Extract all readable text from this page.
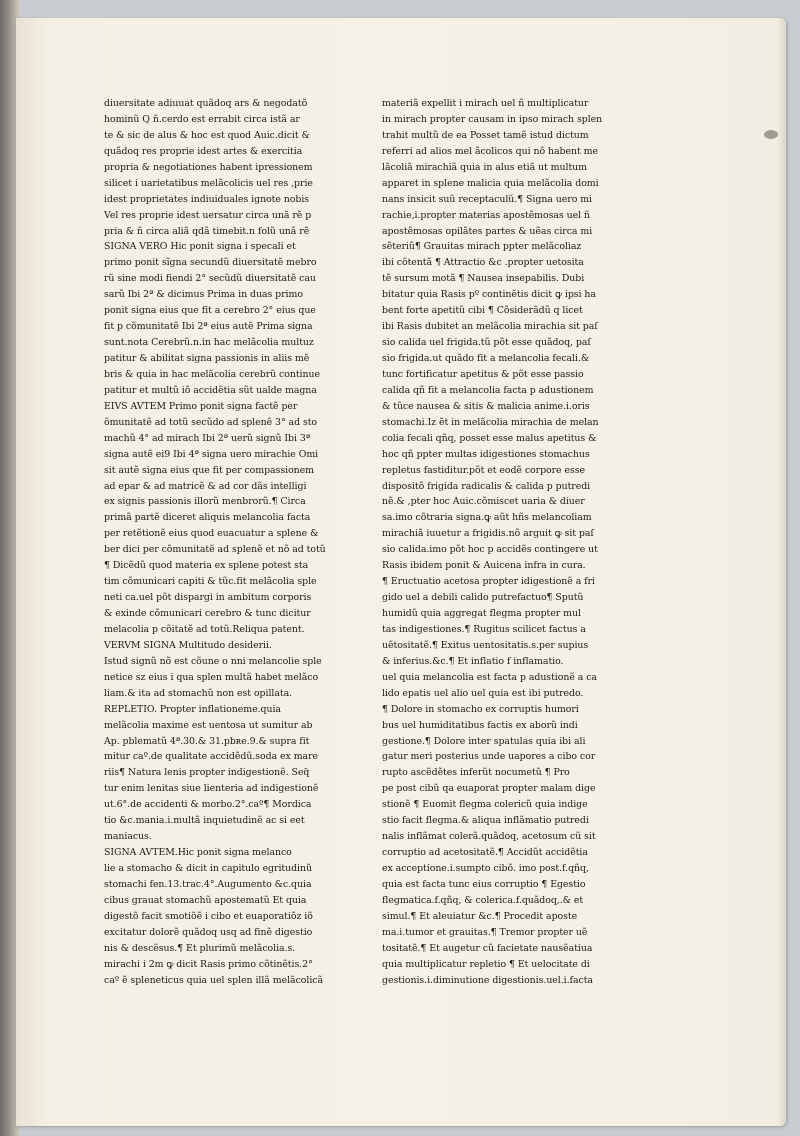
diuersitate adiuuat quãdoq ars & negodatõ
hominũ Q ñ.cerdo est errabit circa istã ar
te & sic de alus & hoc est quod Auic.dicit &
quãdoq res proprie idest artes & exercitia
propria & negotiationes habent ipressionem
silicet i uarietatibus melãcolicis uel res ,prie
idest proprietates indiuiduales ignote nobis
Vel res proprie idest uersatur circa unã rẽ p
pria & ñ circa aliã qdã timebit.n folũ unã rẽ
SIGNA VERO Hic ponit signa i specali et
primo ponit sĩgna secundũ diuersitatẽ mebro
rũ sine modi fiendi 2° secũdũ diuersitatẽ cau
sarũ Ibi 2ª & dicimus Prima in duas primo
ponit signa eius que fit a cerebro 2° eius que
fit p cõmunitatẽ Ibi 2ª eius autẽ Prima signa
sunt.nota Cerebrũ.n.in hac melãcolia multuz
patitur & abilitat signa passionis in aliis mẽ
bris & quia in hac melãcolia cerebrũ continue
patitur et multũ iõ accidẽtia sũt ualde magna
EIVS AVTEM Primo ponit signa factẽ per
õmunitatẽ ad totũ secũdo ad splenẽ 3° ad sto
machũ 4° ad mirach Ibi 2ª uerũ signũ Ibi 3ª
signa autẽ ei9 Ibi 4ª signa uero mirachie Omi
sit autẽ signa eius que fit per compassionem
ad epar & ad matricẽ & ad cor dãs intelligi
ex signis passionis illorũ menbrorũ.¶ Circa
primã partẽ diceret aliquis melancolia facta
per retẽtionẽ eius quod euacuatur a splene &
ber dici per cõmunitatẽ ad splenẽ et nõ ad totũ
¶ Dicẽdũ quod materia ex splene potest sta
tim cõmunicari capiti & tũc.fit melãcolia sple
neti ca.uel põt dispargi in ambitum corporis
& exinde cõmunicari cerebro & tunc dicitur
melacolia p cõitatẽ ad totũ.Reliqua patent.
VERVM SIGNA Multitudo desiderii.
Istud signũ nõ est cõune o nni melancolie sple
netice sz eius i qua splen multã habet melãco
liam.& ita ad stomachũ non est opillata.
REPLETIO. Propter inflationeme.quia
melãcolia maxime est uentosa ut sumitur ab
Ap. pblematũ 4ª.30.& 31.pbʀe.9.& supra fit
mitur caº.de qualitate accidẽdũ.soda ex mare
riis¶ Natura lenis propter indigestionẽ. Seq̃
tur enim lenitas siue lienteria ad indigestionẽ
ut.6°.de accidenti & morbo.2°.caº¶ Mordica
tio &c.mania.i.multã inquietudinẽ ac si eet
maniacus.
SIGNA AVTEM.Hic ponit signa melanco
lie a stomacho & dicit in capitulo egritudinũ
stomachi fen.13.trac.4°.Augumento &c.quia
cibus grauat stomachũ apostematũ Et quia
digestõ facit smotiõẽ i cibo et euaporatiõz iõ
excitatur dolorẽ quãdoq usq ad finẽ digestio
nis & descẽsus.¶ Et plurimũ melãcolia.s.
mirachi i 2m ꝙ dicit Rasis primo cõtinẽtis.2°
caº ẽ spleneticus quia uel splen illã melãcolicã
materiã expellit i mirach uel ñ multiplicatur
in mirach propter causam in ipso mirach splen
trahit multũ de ea Posset tamẽ istud dictum
referri ad alios mel ãcolicos qui nõ habent me
lãcoliã mirachiã quia in alus etiã ut multum
apparet in splene malicia quia melãcolia domi
nans insicit suũ receptaculũ.¶ Signa uero mi
rachie,i.propter materias apostẽmosas uel ñ
apostẽmosas opilãtes partes & uẽas circa mi
sẽteriũ¶ Grauitas mirach ppter melãcoliaz
ibi cõtentã ¶ Attractio &c .propter uetosita
tẽ sursum motã ¶ Nausea insepabilis. Dubi
bitatur quia Rasis pº continẽtis dicit ꝙ ipsi ha
bent forte apetitũ cibi ¶ Cõsiderãdũ q licet
ibi Rasis dubitet an melãcolia mirachia sit paſ
sio calida uel frigida.tũ põt esse quãdoq, paſ
sio frigida.ut quãdo fit a melancolia fecali.&
tunc fortificatur apetitus & põt esse passio
calida qñ fit a melancolia facta p adustionem
& tũce nausea & sitis & malicia anime.i.oris
stomachi.Iz ẽt in melãcolia mirachia de melan
colia fecali qñq, posset esse malus apetitus &
hoc qñ ppter multas idigestiones stomachus
repletus fastiditur.põt et eodẽ corpore esse
dispositõ frigida radicalis & calida p putredi
nẽ.& ,pter hoc Auic.cõmiscet uaria & diuer
sa.imo cõtraria signa.ꝙ aũt hñs melancoliam
mirachiã iuuetur a frigidis.nõ arguit ꝙ sit paſ
sio calida.imo põt hoc p accidẽs contingere ut
Rasis ibidem ponit & Auicena infra in cura.
¶ Eructuatio acetosa propter idigestionẽ a fri
gido uel a debili calido putrefactuo¶ Sputũ
humidũ quia aggregat flegma propter mul
tas indigestiones.¶ Rugitus scilicet factus a
uẽtositatẽ.¶ Exitus uentositatis.s.per supius
& inferius.&c.¶ Et inflatio f inflamatio.
uel quia melancolia est facta p adustionẽ a ca
lido epatis uel alio uel quia est ibi putredo.
¶ Dolore in stomacho ex corruptis humori
bus uel humiditatibus factis ex aborũ indi
gestione.¶ Dolore inter spatulas quia ibi ali
gatur meri posterius unde uapores a cibo cor
rupto ascẽdẽtes inferũt nocumetũ ¶ Pro
pe post cibũ qa euaporat propter malam dige
stionẽ ¶ Euomit flegma colericũ quia indige
stio facit flegma.& aliqua inflãmatio putredi
nalis inflãmat colerã.quãdoq, acetosum cũ sit
corruptio ad acetositatẽ.¶ Accidũt accidẽtia
ex acceptione.i.sumpto cibõ. imo post.f.qñq,
quia est facta tunc eius corruptio ¶ Egestio
flegmatica.f.qñq, & colerica.f.quãdoq,.& et
simul.¶ Et aleuiatur &c.¶ Procedit aposte
ma.i.tumor et grauitas.¶ Tremor propter uẽ
tositatẽ.¶ Et augetur cũ facietate nausẽatiua
quia multiplicatur repletio ¶ Et uelocitate di
gestionis.i.diminutione digestionis.uel.i.facta
